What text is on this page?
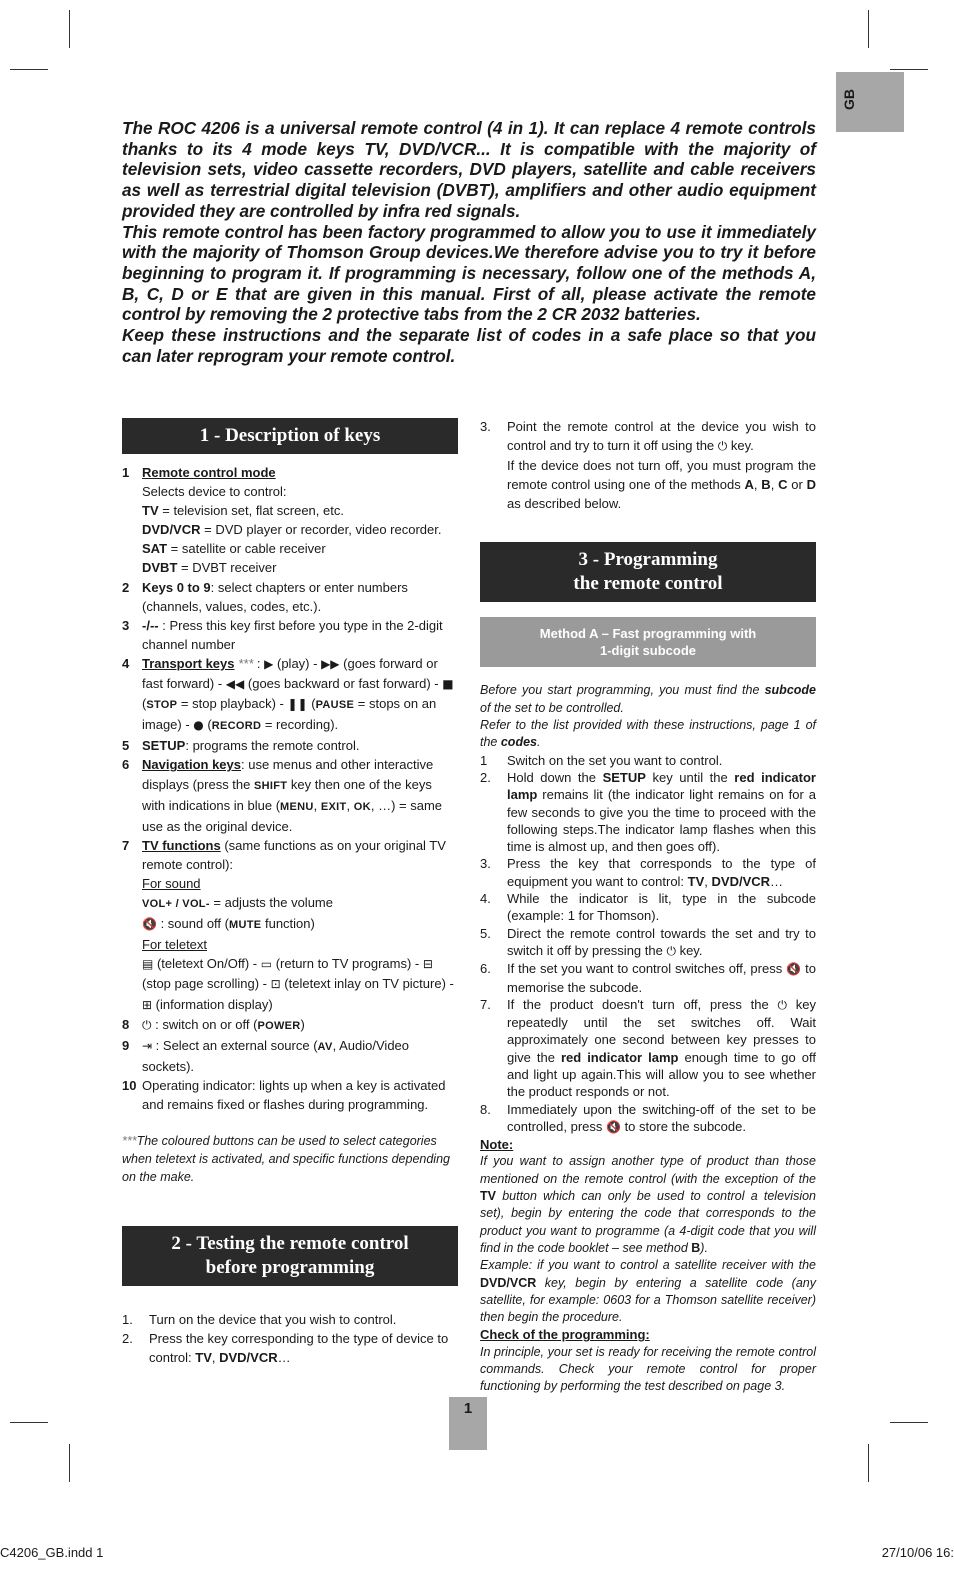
GB

The ROC 4206 is a universal remote control (4 in 1). It can replace 4 remote controls thanks to its 4 mode keys TV, DVD/VCR... It is compatible with the majority of television sets, video cassette recorders, DVD players, satellite and cable receivers as well as terrestrial digital television (DVBT), amplifiers and other audio equipment provided they are controlled by infra red signals.

This remote control has been factory programmed to allow you to use it immediately with the majority of Thomson Group devices.We therefore advise you to try it before beginning to program it. If programming is necessary, follow one of the methods A, B, C, D or E that are given in this manual. First of all, please activate the remote control by removing the 2 protective tabs from the 2 CR 2032 batteries.

Keep these instructions and the separate list of codes in a safe place so that you can later reprogram your remote control.

1 - Description of keys
1 Remote control mode
Selects device to control:
TV = television set, flat screen, etc.
DVD/VCR = DVD player or recorder, video recorder.
SAT = satellite or cable receiver
DVBT = DVBT receiver
2 Keys 0 to 9: select chapters or enter numbers (channels, values, codes, etc.).
3 -/-- : Press this key first before you type in the 2-digit channel number
4 Transport keys *** : ▶ (play) - ▶▶ (goes forward or fast forward) - ◀◀ (goes backward or fast forward) - ■ (STOP = stop playback) - ❚❚ (PAUSE = stops on an image) - ● (RECORD = recording).
5 SETUP: programs the remote control.
6 Navigation keys: use menus and other interactive displays (press the SHIFT key then one of the keys with indications in blue (MENU, EXIT, OK, …) = same use as the original device.
7 TV functions (same functions as on your original TV remote control):
For sound
VOL+ / VOL- = adjusts the volume
🔇 : sound off (MUTE function)
For teletext
▤ (teletext On/Off) - ▭ (return to TV programs) - ⊟ (stop page scrolling) - ⊡ (teletext inlay on TV picture) - ⊞ (information display)
8 ⏻ : switch on or off (POWER)
9 ⇥ : Select an external source (AV, Audio/Video sockets).
10 Operating indicator: lights up when a key is activated and remains fixed or flashes during programming.

***The coloured buttons can be used to select categories when teletext is activated, and specific functions depending on the make.

2 - Testing the remote control
before programming
1. Turn on the device that you wish to control.
2. Press the key corresponding to the type of device to control: TV, DVD/VCR…
3. Point the remote control at the device you wish to control and try to turn it off using the ⏻ key.
If the device does not turn off, you must program the remote control using one of the methods A, B, C or D as described below.
3 - Programming
the remote control
Method A – Fast programming with
1-digit subcode
Before you start programming, you must find the subcode of the set to be controlled.
Refer to the list provided with these instructions, page 1 of the codes.
1 Switch on the set you want to control.
2. Hold down the SETUP key until the red indicator lamp remains lit (the indicator light remains on for a few seconds to give you the time to proceed with the following steps.The indicator lamp flashes when this time is almost up, and then goes off).
3. Press the key that corresponds to the type of equipment you want to control: TV, DVD/VCR…
4. While the indicator is lit, type in the subcode (example: 1 for Thomson).
5. Direct the remote control towards the set and try to switch it off by pressing the ⏻ key.
6. If the set you want to control switches off, press 🔇 to memorise the subcode.
7. If the product doesn't turn off, press the ⏻ key repeatedly until the set switches off. Wait approximately one second between key presses to give the red indicator lamp enough time to go off and light up again.This will allow you to see whether the product responds or not.
8. Immediately upon the switching-off of the set to be controlled, press 🔇 to store the subcode.
Note:
If you want to assign another type of product than those mentioned on the remote control (with the exception of the TV button which can only be used to control a television set), begin by entering the code that corresponds to the product you want to programme (a 4-digit code that you will find in the code booklet – see method B).
Example: if you want to control a satellite receiver with the DVD/VCR key, begin by entering a satellite code (any satellite, for example: 0603 for a Thomson satellite receiver) then begin the procedure.
Check of the programming:
In principle, your set is ready for receiving the remote control commands. Check your remote control for proper functioning by performing the test described on page 3.
1
C4206_GB.indd 1	27/10/06 16:
